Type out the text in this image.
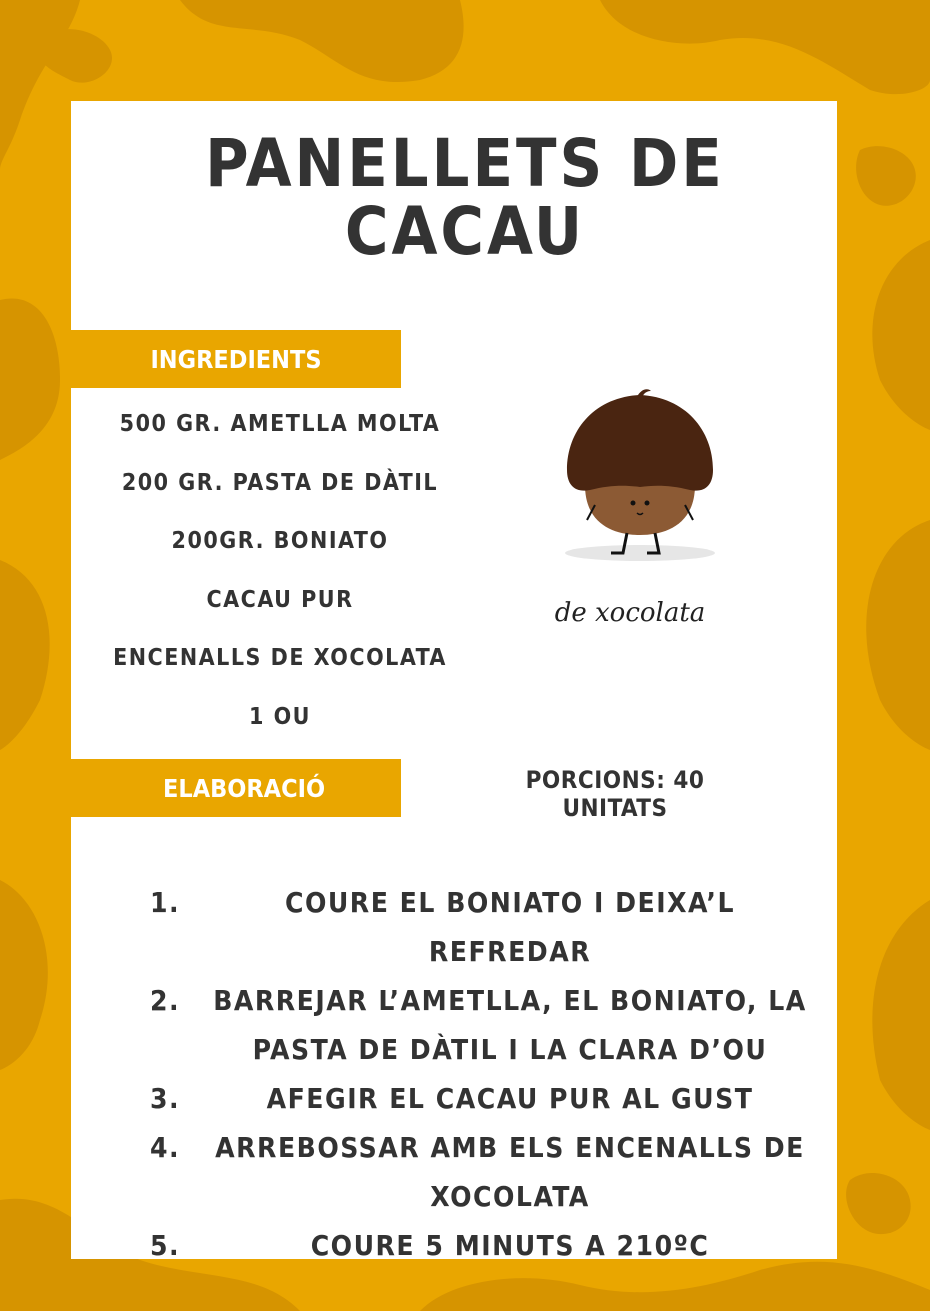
PANELLETS DE
CACAU
INGREDIENTS
500 GR. AMETLLA MOLTA
200 GR. PASTA DE DÀTIL
200GR. BONIATO
CACAU PUR
ENCENALLS DE XOCOLATA
1 OU
de xocolata
ELABORACIÓ	PORCIONS: 40 UNITATS
1.	COURE EL BONIATO I DEIXA’L REFREDAR
2.	BARREJAR L’AMETLLA, EL BONIATO, LA PASTA DE DÀTIL I LA CLARA D’OU
3.	AFEGIR EL CACAU PUR AL GUST
4.	ARREBOSSAR AMB ELS ENCENALLS DE XOCOLATA
5.	COURE 5 MINUTS A 210ºC
